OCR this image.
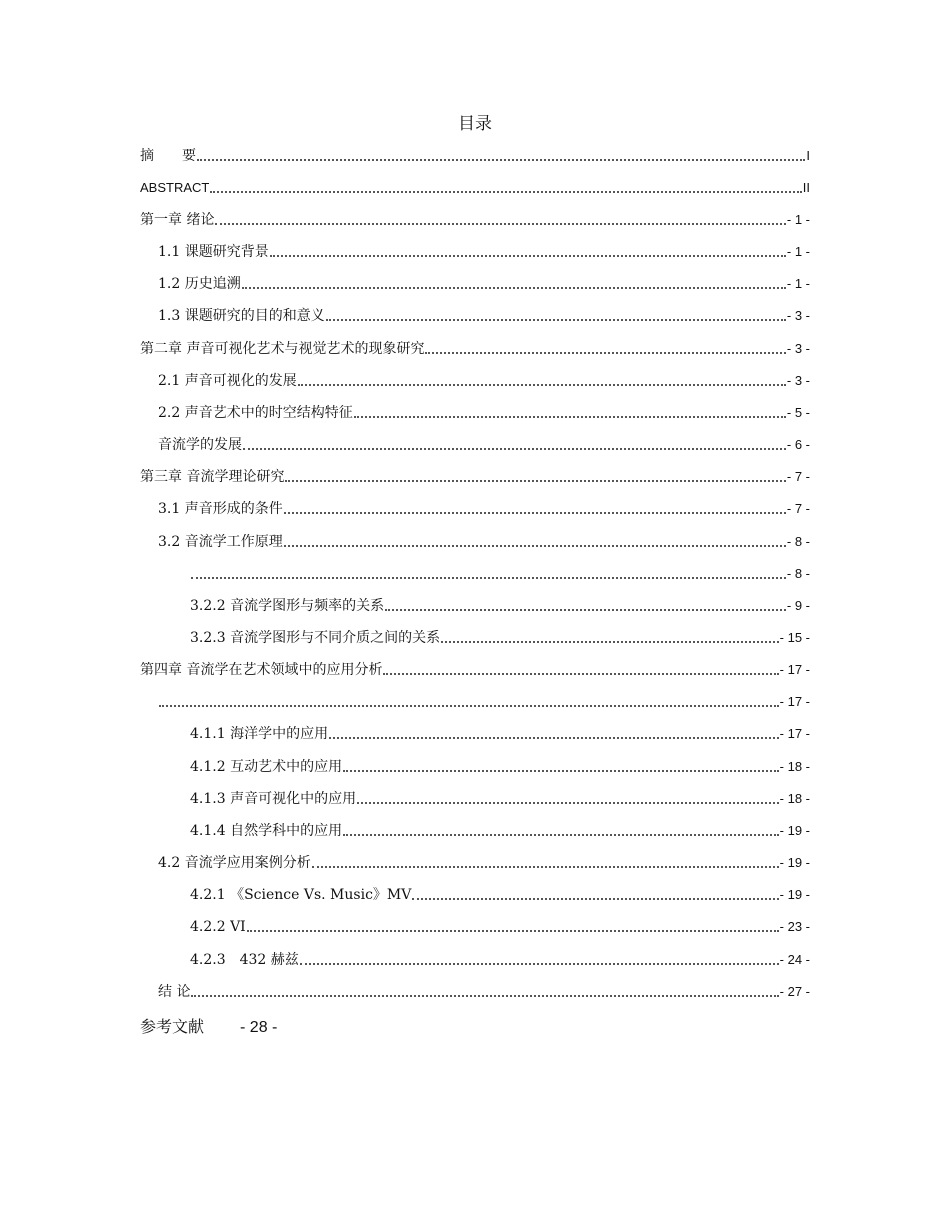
目录
摘　　要	I
ABSTRACT	II
第一章 绪论	- 1 -
1.1 课题研究背景	- 1 -
1.2 历史追溯	- 1 -
1.3 课题研究的目的和意义	- 3 -
第二章 声音可视化艺术与视觉艺术的现象研究	- 3 -
2.1 声音可视化的发展	- 3 -
2.2 声音艺术中的时空结构特征	- 5 -
音流学的发展	- 6 -
第三章 音流学理论研究	- 7 -
3.1 声音形成的条件	- 7 -
3.2 音流学工作原理	- 8 -
- 8 -
3.2.2 音流学图形与频率的关系	- 9 -
3.2.3 音流学图形与不同介质之间的关系	- 15 -
第四章 音流学在艺术领域中的应用分析	- 17 -
- 17 -
4.1.1 海洋学中的应用	- 17 -
4.1.2 互动艺术中的应用	- 18 -
4.1.3 声音可视化中的应用	- 18 -
4.1.4 自然学科中的应用	- 19 -
4.2 音流学应用案例分析	- 19 -
4.2.1 《Science Vs. Music》MV	- 19 -
4.2.2 VI	- 23 -
4.2.3　432 赫兹	- 24 -
结 论	- 27 -
参考文献 - 28 -
